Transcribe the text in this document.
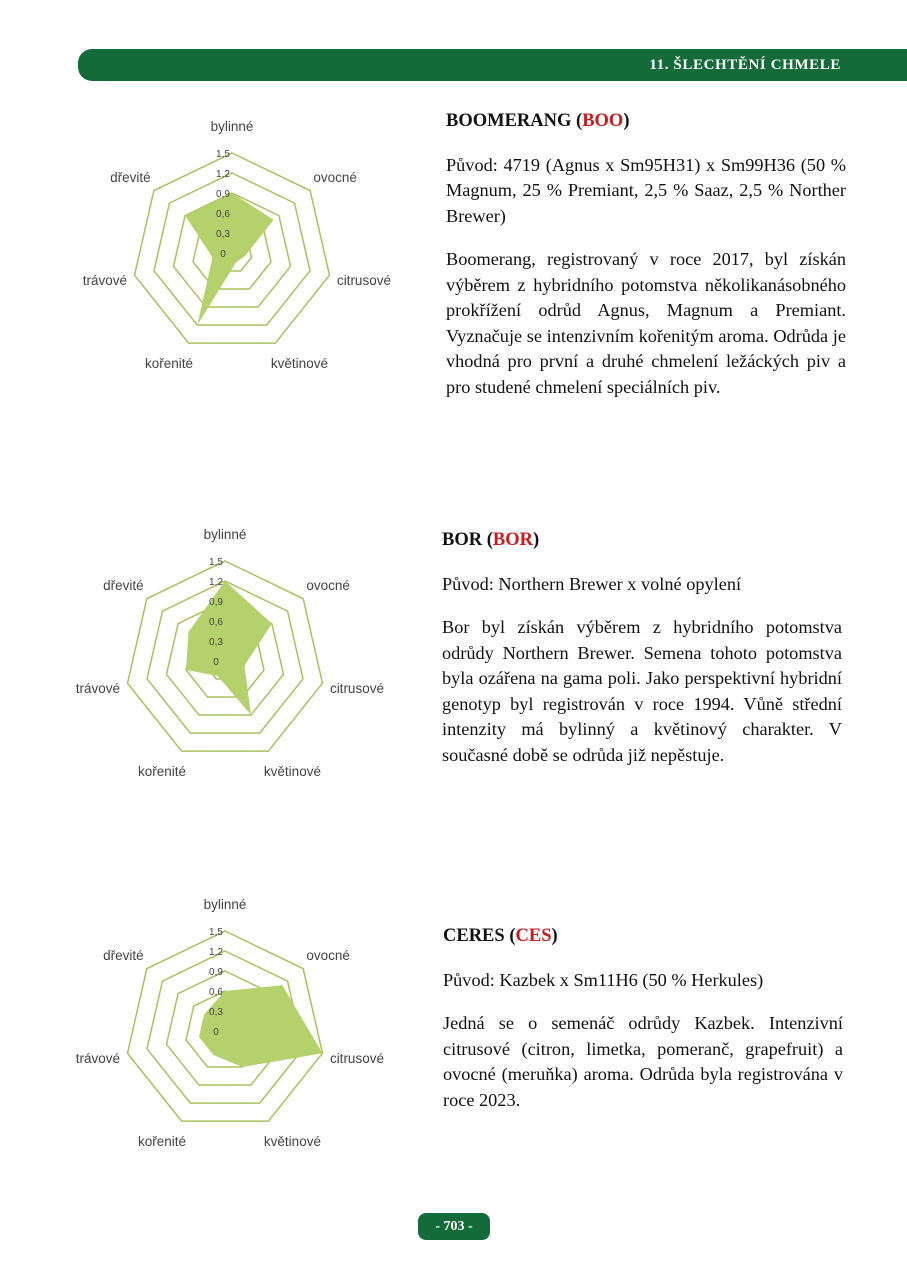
11. ŠLECHTĚNÍ CHMELE
0
0,3
0,6
0,9
1,2
1,5
bylinné
ovocné
citrusové
květinové
kořenité
trávové
dřevité

BOOMERANG (BOO)

Původ: 4719 (Agnus x Sm95H31) x Sm99H36 (50 % Magnum, 25 % Premiant, 2,5 % Saaz, 2,5 % Norther Brewer)

Boomerang, registrovaný v roce 2017, byl získán výběrem z hybridního potomstva několikanásobného prokřížení odrůd Agnus, Magnum a Premiant. Vyznačuje se intenzivním kořenitým aroma. Odrůda je vhodná pro první a druhé chmelení ležáckých piv a pro studené chmelení speciálních piv.

0
0,3
0,6
0,9
1,2
1,5
bylinné
ovocné
citrusové
květinové
kořenité
trávové
dřevité

BOR (BOR)

Původ: Northern Brewer x volné opylení

Bor byl získán výběrem z hybridního potomstva odrůdy Northern Brewer. Semena tohoto potomstva byla ozářena na gama poli. Jako perspektivní hybridní genotyp byl registrován v roce 1994. Vůně střední intenzity má bylinný a květinový charakter. V současné době se odrůda již nepěstuje.

0
0,3
0,6
0,9
1,2
1,5
bylinné
ovocné
citrusové
květinové
kořenité
trávové
dřevité

CERES (CES)

Původ: Kazbek x Sm11H6 (50 % Herkules)

Jedná se o semenáč odrůdy Kazbek. Intenzivní citrusové (citron, limetka, pomeranč, grapefruit) a ovocné (meruňka) aroma. Odrůda byla registrována v roce 2023.

- 703 -
